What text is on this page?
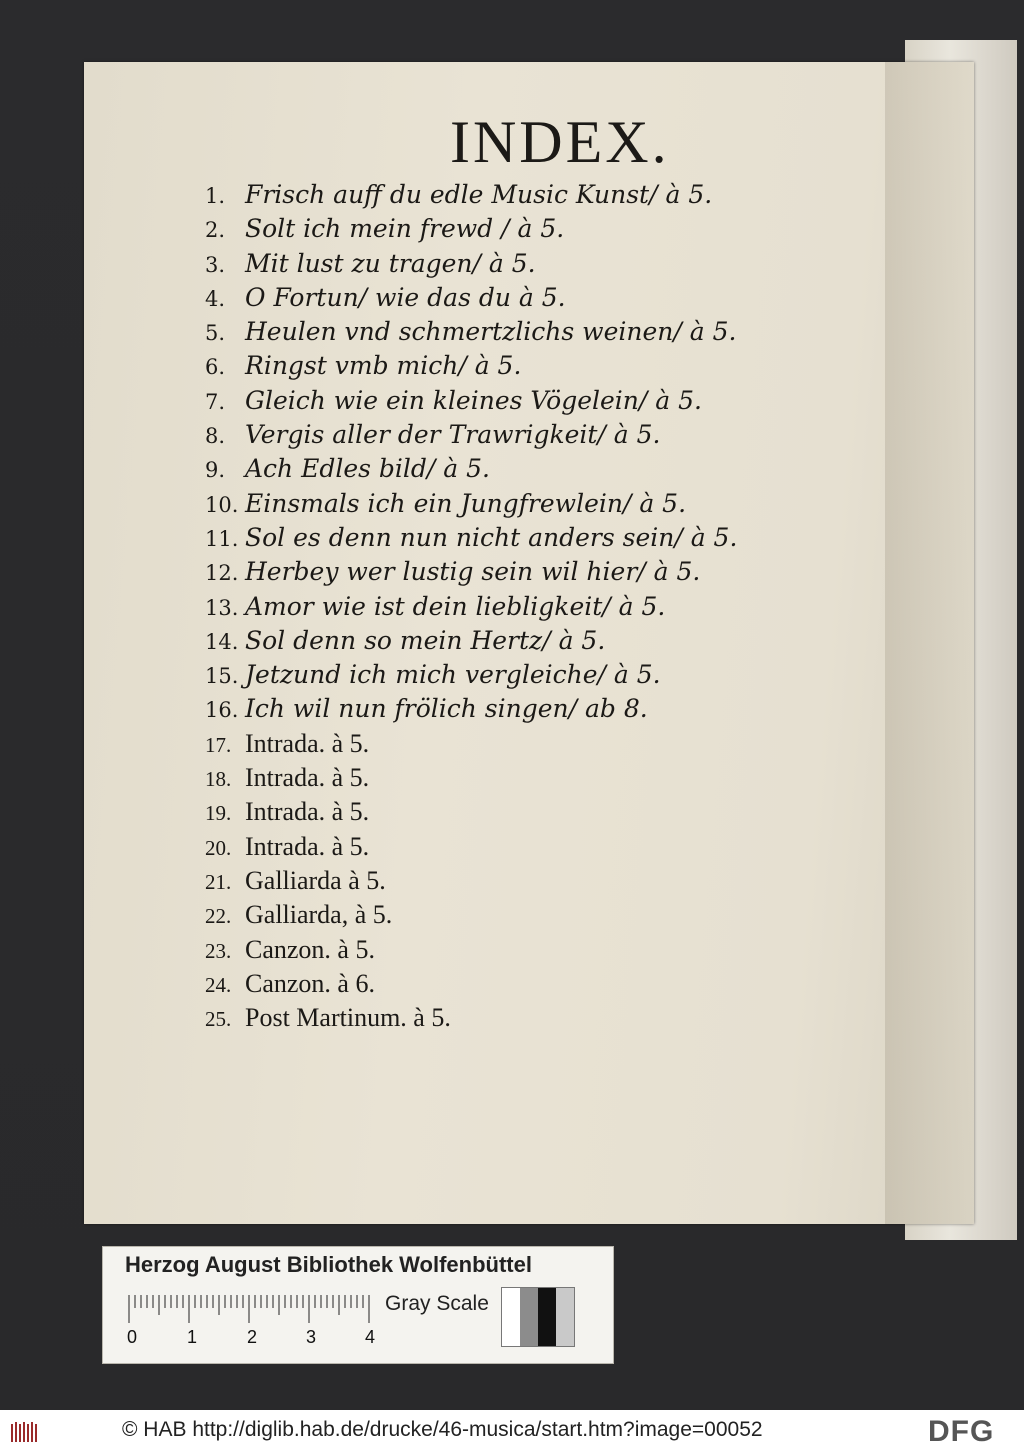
INDEX.
1. Frisch auff du edle Music Kunst/ à 5.
2. Solt ich mein frewd / à 5.
3. Mit lust zu tragen/ à 5.
4. O Fortun/ wie das du à 5.
5. Heulen vnd schmertzlichs weinen/ à 5.
6. Ringst vmb mich/ à 5.
7. Gleich wie ein kleines Vögelein/ à 5.
8. Vergis aller der Trawrigkeit/ à 5.
9. Ach Edles bild/ à 5.
10. Einsmals ich ein Jungfrewlein/ à 5.
11. Sol es denn nun nicht anders sein/ à 5.
12. Herbey wer lustig sein wil hier/ à 5.
13. Amor wie ist dein liebligkeit/ à 5.
14. Sol denn so mein Hertz/ à 5.
15. Jetzund ich mich vergleiche/ à 5.
16. Ich wil nun frölich singen/ ab 8.
17. Intrada. à 5.
18. Intrada. à 5.
19. Intrada. à 5.
20. Intrada. à 5.
21. Galliarda à 5.
22. Galliarda, à 5.
23. Canzon. à 5.
24. Canzon. à 6.
25. Post Martinum. à 5.
Herzog August Bibliothek Wolfenbüttel
0	1	2	3	4
Gray Scale
© HAB http://diglib.hab.de/drucke/46-musica/start.htm?image=00052	DFG
